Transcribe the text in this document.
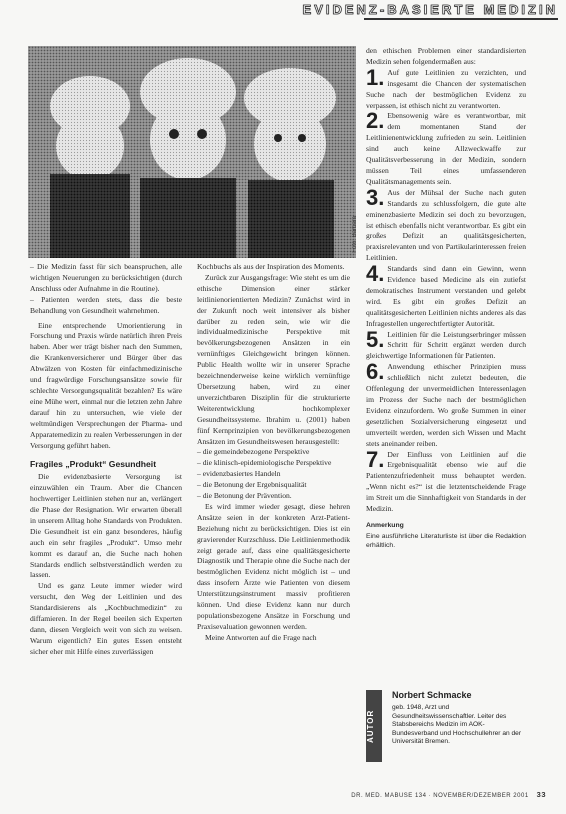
EVIDENZ-BASIERTE MEDIZIN
Foto: Barbara

– Die Medizin fasst für sich beanspruchen, alle wichtigen Neuerungen zu berücksichtigen (durch Anschluss oder Aufnahme in die Routine).

– Patienten werden stets, dass die beste Behandlung von Gesundheit wahrnehmen.

Eine entsprechende Umorientierung in Forschung und Praxis würde natürlich ihren Preis haben. Aber wer trägt bisher nach den Summen, die Krankenversicherer und Bürger über das Abwälzen von Kosten für einfachmedizinische und fragwürdige Forschungsansätze sowie für schlechte Versorgungsqualität bezahlen? Es wäre eine Mühe wert, einmal nur die letzten zehn Jahre darauf hin zu untersuchen, wie viele der weltmündigen Versprechungen der Pharma- und Apparatemedizin zu realen Verbesserungen in der Versorgung geführt haben.

Fragiles „Produkt“ Gesundheit

Die evidenzbasierte Versorgung ist einzuwählen ein Traum. Aber die Chancen hochwertiger Leitlinien stehen nur an, verlängert die Phase der Resignation. Wir erwarten überall in unserem Alltag hohe Standards von Produkten. Die Gesundheit ist ein ganz besonderes, häufig auch ein sehr fragiles „Produkt“. Umso mehr kommt es darauf an, die Suche nach hohen Standards endlich selbstverständlich werden zu lassen.

Und es ganz Leute immer wieder wird versucht, den Weg der Leitlinien und des Standardisierens als „Kochbuchmedizin“ zu diffamieren. In der Regel beeilen sich Experten dann, diesen Vergleich weit von sich zu weisen. Warum eigentlich? Ein gutes Essen entsteht sicher eher mit Hilfe eines zuverlässigen

Kochbuchs als aus der Inspiration des Moments.

Zurück zur Ausgangsfrage: Wie steht es um die ethische Dimension einer stärker leitlinienorientierten Medizin? Zunächst wird in der Zukunft noch weit intensiver als bisher darüber zu reden sein, wie wir die individualmedizinische Perspektive mit bevölkerungsbezogenen Ansätzen in ein vernünftiges Gleichgewicht bringen können. Public Health wollte wir in unserer Sprache bezeichnenderweise keine wirklich vernünftige Übersetzung haben, wird zu einer unverzichtbaren Disziplin für die strukturierte Weiterentwicklung hochkomplexer Gesundheitssysteme. Ibrahim u. (2001) haben fünf Kernprinzipien von bevölkerungsbezogenen Ansätzen im Gesundheitswesen herausgestellt:

– die gemeindebezogene Perspektive

– die klinisch-epidemiologische Perspektive

– evidenzbasiertes Handeln

– die Betonung der Ergebnisqualität

– die Betonung der Prävention.

Es wird immer wieder gesagt, diese hehren Ansätze seien in der konkreten Arzt-Patient-Beziehung nicht zu berücksichtigen. Dies ist ein gravierender Kurzschluss. Die Leitlinienmethodik zeigt gerade auf, dass eine qualitätsgesicherte Diagnostik und Therapie ohne die Suche nach der bestmöglichen Evidenz nicht möglich ist – und dass insofern Ärzte wie Patienten von diesem Unterstützungsinstrument massiv profitieren können. Und diese Evidenz kann nur durch populationsbezogene Ansätze in Forschung und Praxisevaluation gewonnen werden.

Meine Antworten auf die Frage nach

den ethischen Problemen einer standardisierten Medizin sehen folgendermaßen aus:

1. Auf gute Leitlinien zu verzichten, und insgesamt die Chancen der systematischen Suche nach der bestmöglichen Evidenz zu verpassen, ist ethisch nicht zu verantworten.
2. Ebensowenig wäre es verantwortbar, mit dem momentanen Stand der Leitlinienentwicklung zufrieden zu sein. Leitlinien sind auch keine Allzweckwaffe zur Qualitätsverbesserung in der Medizin, sondern müssen Teil eines umfassenderen Qualitätsmanagements sein.
3. Aus der Mühsal der Suche nach guten Standards zu schlussfolgern, die gute alte eminenzbasierte Medizin sei doch zu bevorzugen, ist ethisch ebenfalls nicht verantwortbar. Es gibt ein großes Defizit an qualitätsgesicherten, praxisrelevanten und von Partikularinteressen freien Leitlinien.
4. Standards sind dann ein Gewinn, wenn Evidence based Medicine als ein zutiefst demokratisches Instrument verstanden und gelebt wird. Es gibt ein großes Defizit an qualitätsgesicherten Leitlinien nichts anderes als das Infragestellen ungerechtfertigter Autorität.
5. Leitlinien für die Leistungserbringer müssen Schritt für Schritt ergänzt werden durch gleichwertige Informationen für Patienten.
6. Anwendung ethischer Prinzipien muss schließlich nicht zuletzt bedeuten, die Offenlegung der unvermeidlichen Interessenlagen im Prozess der Suche nach der bestmöglichen Evidenz einzufordern. Wo große Summen in einer gesetzlichen Sozialversicherung eingesetzt und umverteilt werden, werden sich Wissen und Macht stets aneinander reiben.
7. Der Einfluss von Leitlinien auf die Ergebnisqualität ebenso wie auf die Patientenzufriedenheit muss behauptet werden. „Wenn nicht es?“ ist die letztentscheidende Frage im Streit um die Sinnhaftigkeit von Standards in der Medizin.
Anmerkung
Eine ausführliche Literaturliste ist über die Redaktion erhältlich.
AUTOR
Norbert Schmacke
geb. 1948, Arzt und Gesundheitswissenschaftler. Leiter des Stabsbereichs Medizin im AOK-Bundesverband und Hochschullehrer an der Universität Bremen.
DR. MED. MABUSE 134 · NOVEMBER/DEZEMBER 2001 33
